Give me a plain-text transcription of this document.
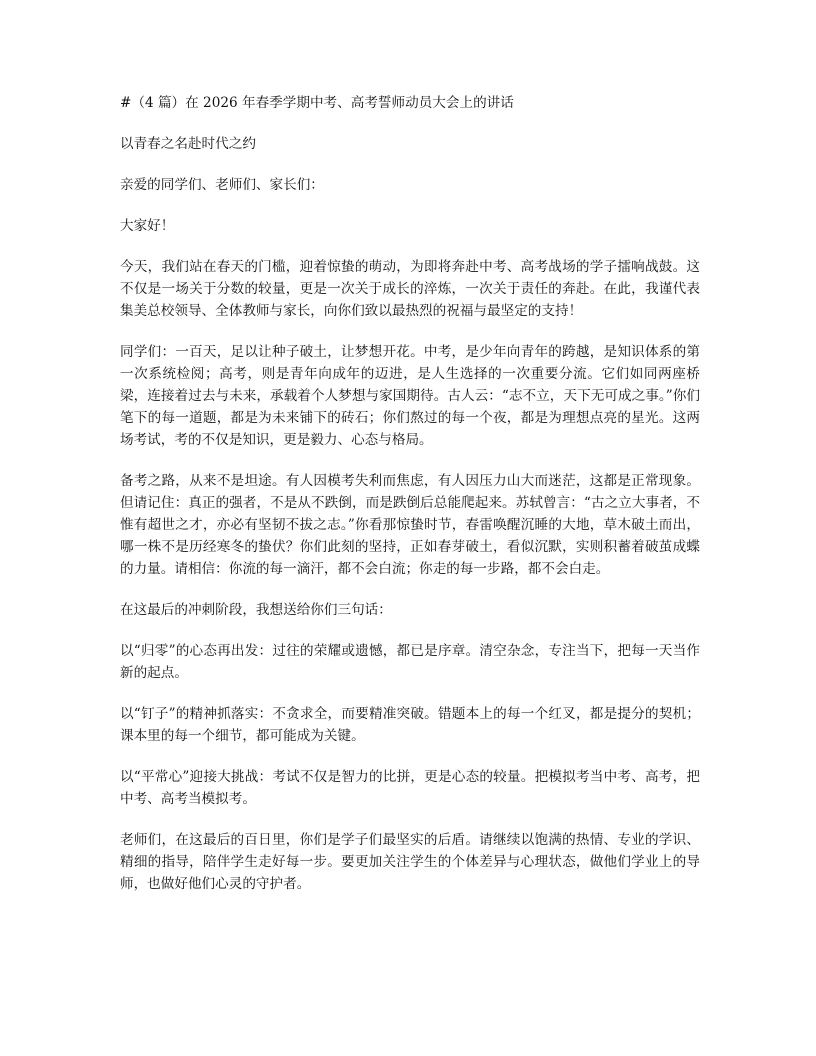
#（4 篇）在 2026 年春季学期中考、高考誓师动员大会上的讲话

以青春之名赴时代之约

亲爱的同学们、老师们、家长们：

大家好！

今天，我们站在春天的门槛，迎着惊蛰的萌动，为即将奔赴中考、高考战场的学子擂响战鼓。这不仅是一场关于分数的较量，更是一次关于成长的淬炼，一次关于责任的奔赴。在此，我谨代表集美总校领导、全体教师与家长，向你们致以最热烈的祝福与最坚定的支持！

同学们：一百天，足以让种子破土，让梦想开花。中考，是少年向青年的跨越，是知识体系的第一次系统检阅；高考，则是青年向成年的迈进，是人生选择的一次重要分流。它们如同两座桥梁，连接着过去与未来，承载着个人梦想与家国期待。古人云：“志不立，天下无可成之事。”你们笔下的每一道题，都是为未来铺下的砖石；你们熬过的每一个夜，都是为理想点亮的星光。这两场考试，考的不仅是知识，更是毅力、心态与格局。

备考之路，从来不是坦途。有人因模考失利而焦虑，有人因压力山大而迷茫，这都是正常现象。但请记住：真正的强者，不是从不跌倒，而是跌倒后总能爬起来。苏轼曾言：“古之立大事者，不惟有超世之才，亦必有坚韧不拔之志。”你看那惊蛰时节，春雷唤醒沉睡的大地，草木破土而出，哪一株不是历经寒冬的蛰伏？你们此刻的坚持，正如春芽破土，看似沉默，实则积蓄着破茧成蝶的力量。请相信：你流的每一滴汗，都不会白流；你走的每一步路，都不会白走。

在这最后的冲刺阶段，我想送给你们三句话：

以“归零”的心态再出发：过往的荣耀或遗憾，都已是序章。清空杂念，专注当下，把每一天当作新的起点。

以“钉子”的精神抓落实：不贪求全，而要精准突破。错题本上的每一个红叉，都是提分的契机；课本里的每一个细节，都可能成为关键。

以“平常心”迎接大挑战：考试不仅是智力的比拼，更是心态的较量。把模拟考当中考、高考，把中考、高考当模拟考。

老师们，在这最后的百日里，你们是学子们最坚实的后盾。请继续以饱满的热情、专业的学识、精细的指导，陪伴学生走好每一步。要更加关注学生的个体差异与心理状态，做他们学业上的导师，也做好他们心灵的守护者。
